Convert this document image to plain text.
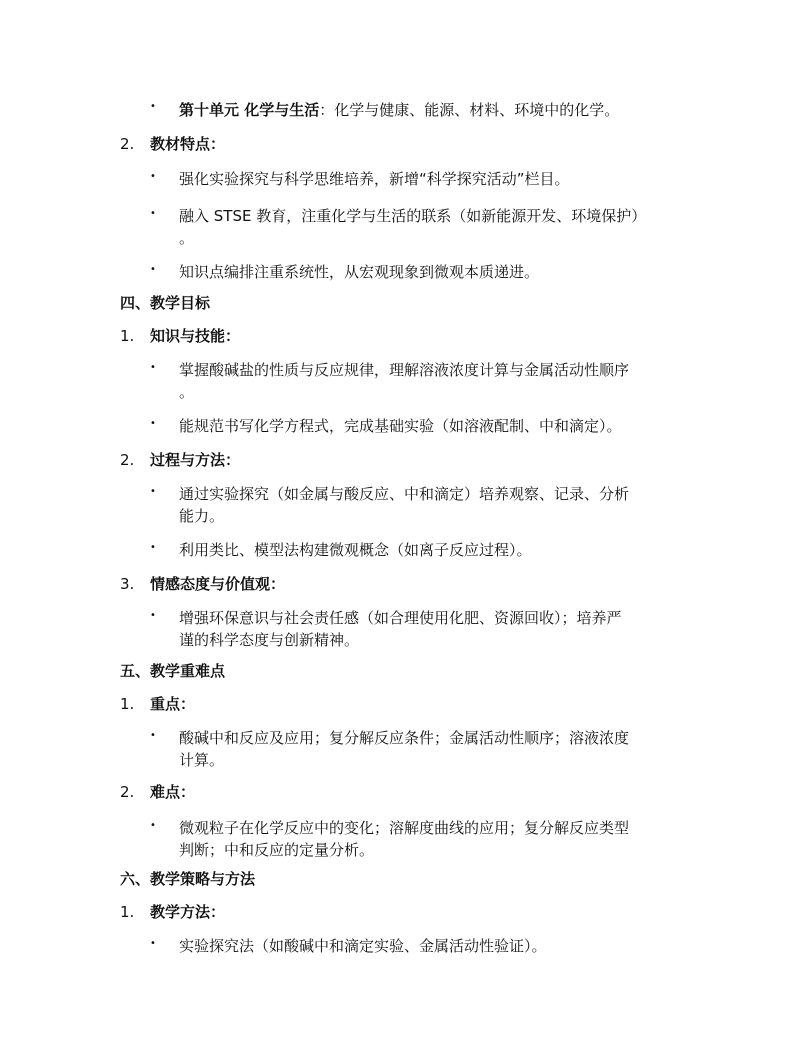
• 第十单元 化学与生活：化学与健康、能源、材料、环境中的化学。
2. 教材特点：
• 强化实验探究与科学思维培养，新增“科学探究活动”栏目。
• 融入 STSE 教育，注重化学与生活的联系（如新能源开发、环境保护）
。
• 知识点编排注重系统性，从宏观现象到微观本质递进。
四、教学目标
1. 知识与技能：
• 掌握酸碱盐的性质与反应规律，理解溶液浓度计算与金属活动性顺序
。
• 能规范书写化学方程式，完成基础实验（如溶液配制、中和滴定）。
2. 过程与方法：
• 通过实验探究（如金属与酸反应、中和滴定）培养观察、记录、分析
能力。
• 利用类比、模型法构建微观概念（如离子反应过程）。
3. 情感态度与价值观：
• 增强环保意识与社会责任感（如合理使用化肥、资源回收）；培养严
谨的科学态度与创新精神。
五、教学重难点
1. 重点：
• 酸碱中和反应及应用；复分解反应条件；金属活动性顺序；溶液浓度
计算。
2. 难点：
• 微观粒子在化学反应中的变化；溶解度曲线的应用；复分解反应类型
判断；中和反应的定量分析。
六、教学策略与方法
1. 教学方法：
• 实验探究法（如酸碱中和滴定实验、金属活动性验证）。
